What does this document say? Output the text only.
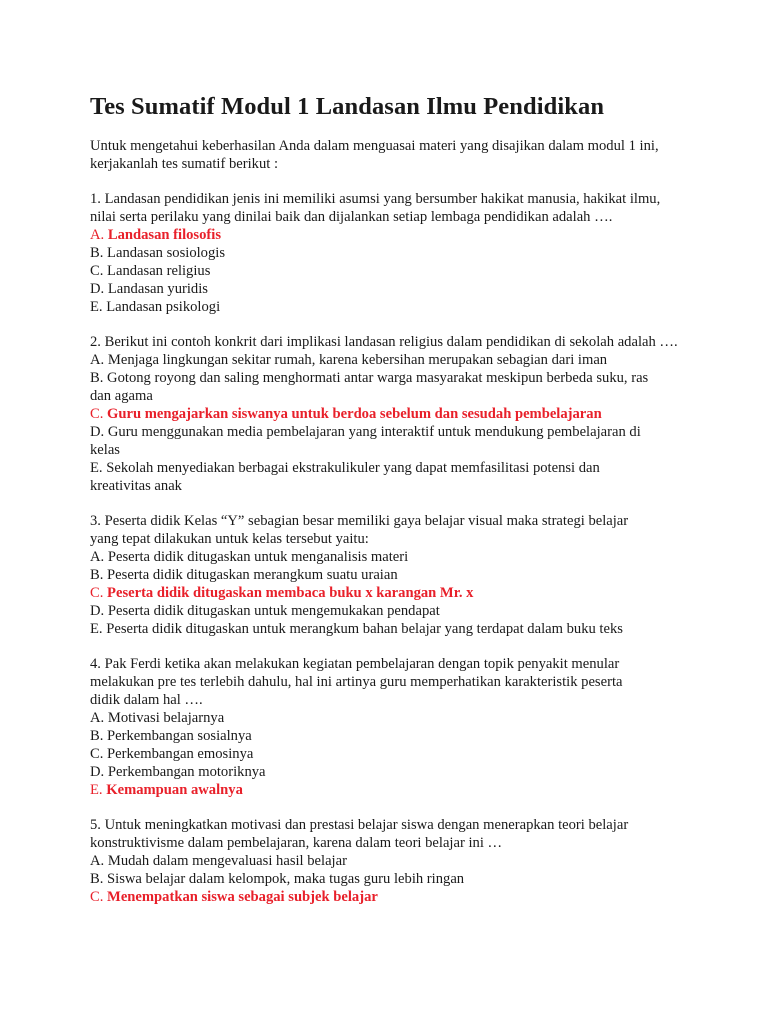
Tes Sumatif Modul 1 Landasan Ilmu Pendidikan

Untuk mengetahui keberhasilan Anda dalam menguasai materi yang disajikan dalam modul 1 ini, kerjakanlah tes sumatif berikut :

1. Landasan pendidikan jenis ini memiliki asumsi yang bersumber hakikat manusia, hakikat ilmu, nilai serta perilaku yang dinilai baik dan dijalankan setiap lembaga pendidikan adalah ….

A. Landasan filosofis

B. Landasan sosiologis

C. Landasan religius

D. Landasan yuridis

E. Landasan psikologi

2. Berikut ini contoh konkrit dari implikasi landasan religius dalam pendidikan di sekolah adalah ….

A. Menjaga lingkungan sekitar rumah, karena kebersihan merupakan sebagian dari iman

B. Gotong royong dan saling menghormati antar warga masyarakat meskipun berbeda suku, ras dan agama

C. Guru mengajarkan siswanya untuk berdoa sebelum dan sesudah pembelajaran

D. Guru menggunakan media pembelajaran yang interaktif untuk mendukung pembelajaran di kelas

E. Sekolah menyediakan berbagai ekstrakulikuler yang dapat memfasilitasi potensi dan kreativitas anak

3. Peserta didik Kelas “Y” sebagian besar memiliki gaya belajar visual maka strategi belajar yang tepat dilakukan untuk kelas tersebut yaitu:

A. Peserta didik ditugaskan untuk menganalisis materi

B. Peserta didik ditugaskan merangkum suatu uraian

C. Peserta didik ditugaskan membaca buku x karangan Mr. x

D. Peserta didik ditugaskan untuk mengemukakan pendapat

E. Peserta didik ditugaskan untuk merangkum bahan belajar yang terdapat dalam buku teks

4. Pak Ferdi ketika akan melakukan kegiatan pembelajaran dengan topik penyakit menular melakukan pre tes terlebih dahulu, hal ini artinya guru memperhatikan karakteristik peserta didik dalam hal ….

A. Motivasi belajarnya

B. Perkembangan sosialnya

C. Perkembangan emosinya

D. Perkembangan motoriknya

E. Kemampuan awalnya

5. Untuk meningkatkan motivasi dan prestasi belajar siswa dengan menerapkan teori belajar konstruktivisme dalam pembelajaran, karena dalam teori belajar ini …

A. Mudah dalam mengevaluasi hasil belajar

B. Siswa belajar dalam kelompok, maka tugas guru lebih ringan

C. Menempatkan siswa sebagai subjek belajar
